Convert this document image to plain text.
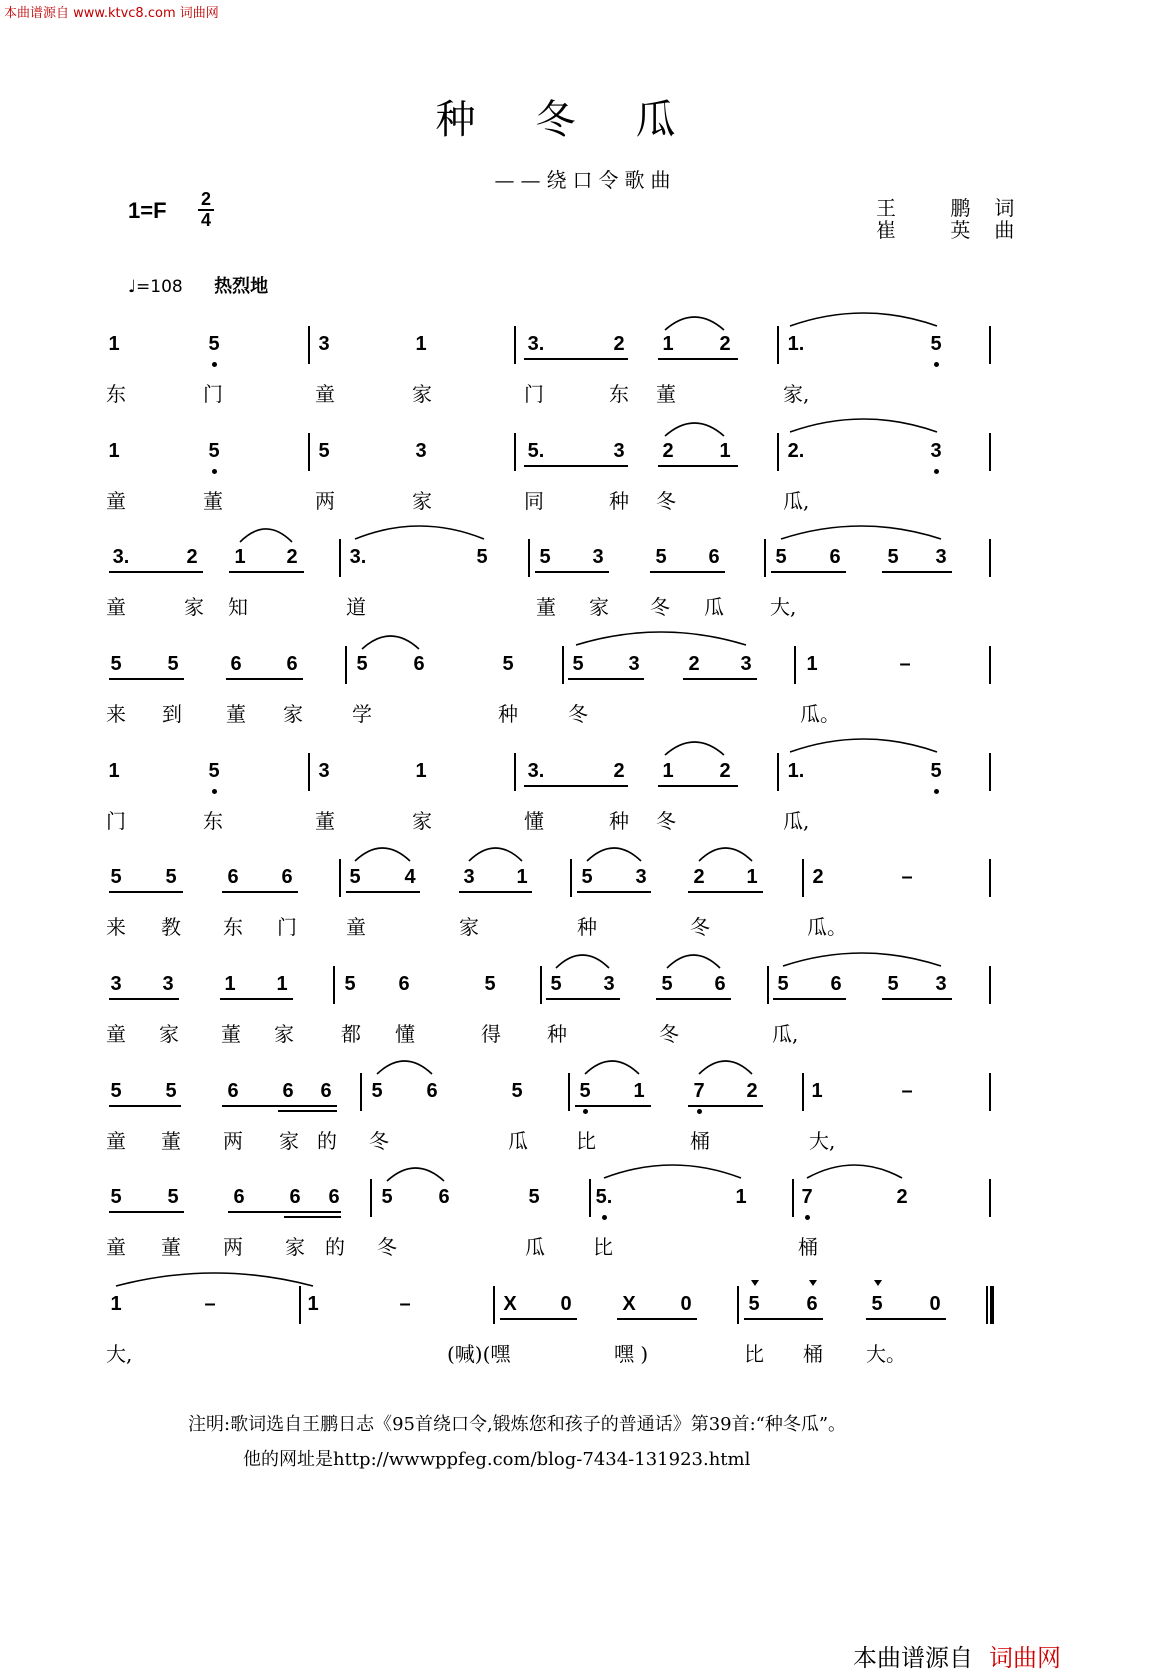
本曲谱源自 www.ktvc8.com 词曲网
种冬瓜
——绕口令歌曲
1=F 2
4	王 鹏词
崔 英曲
♩=108 热烈地
1	5	3	1	3.	2	1	2	1.	5
东	门	童	家	门	东 董	家,
1	5	5	3	5.	3	2	1	2.	3
童	董	两	家	同	种 冬	瓜,
3.	2	1	2	3.	5	5	3	5	6	5	6	5	3
童	家 知	道	董 家 冬 瓜 大,
5	5	6	6	5	6	5	5	3	2	3	1	–
来 到 董 家 学	种	冬	瓜。
1	5	3	1	3.	2	1	2	1.	5
门	东	董	家	懂	种 冬	瓜,
5	5	6	6	5	4	3	1	5	3	2	1	2	–
来 教 东 门 童	家	种	冬	瓜。
3	3	1	1	5	6	5	5	3	5	6	5	6	5	3
童 家 董 家 都 懂	得 种	冬	瓜,
5	5	6	6	6	5	6	5	5	1	7	2	1	–
童 董 两 家 的 冬	瓜 比	桶	大,
5	5	6	6	6	5	6	5	5.	1	7	2
童 董 两 家 的 冬	瓜 比	桶
1	–	1	–	X	0	X	0	5	6	5	0
大,	(喊)(嘿	嘿 )	比 桶 大。
注明:歌词选自王鹏日志《95首绕口令,锻炼您和孩子的普通话》第39首:“种冬瓜”。
他的网址是http://wwwppfeg.com/blog-7434-131923.html
本曲谱源自 词曲网
